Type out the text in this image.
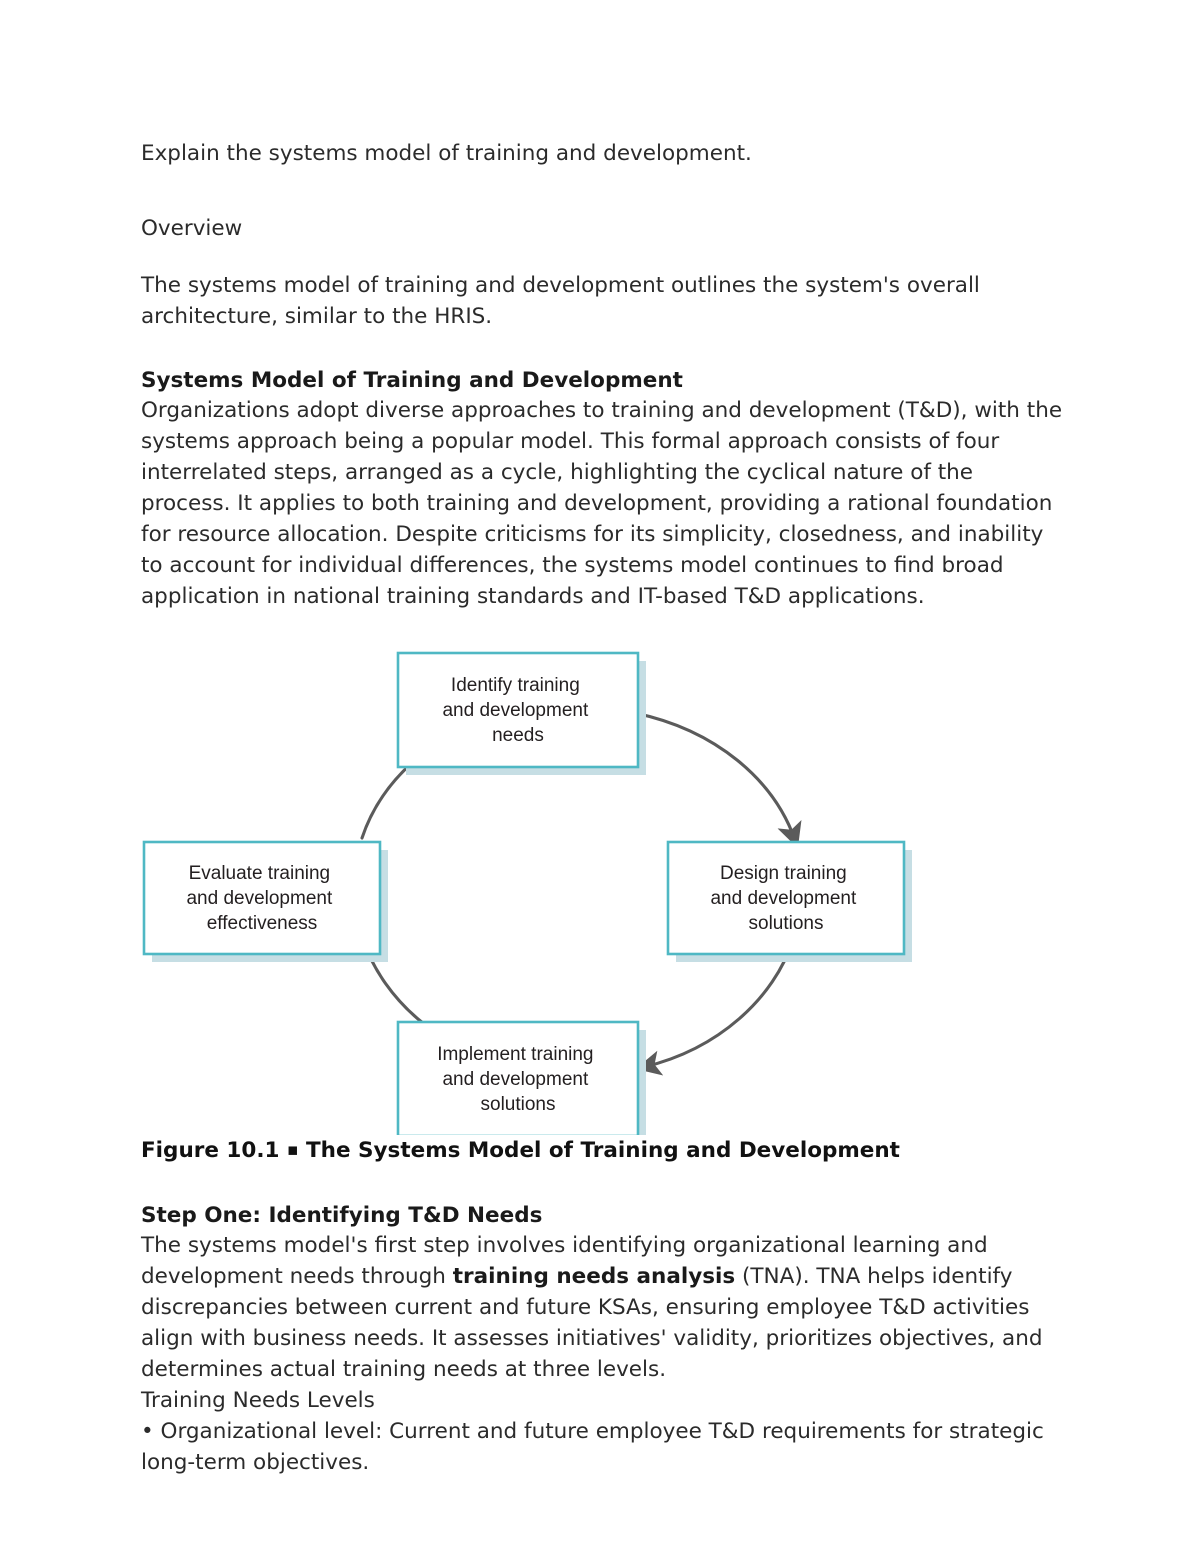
Explain the systems model of training and development.
Overview

The systems model of training and development outlines the system's overall architecture, similar to the HRIS.

Systems Model of Training and Development

Organizations adopt diverse approaches to training and development (T&D), with the systems approach being a popular model. This formal approach consists of four interrelated steps, arranged as a cycle, highlighting the cyclical nature of the process. It applies to both training and development, providing a rational foundation for resource allocation. Despite criticisms for its simplicity, closedness, and inability to account for individual differences, the systems model continues to find broad application in national training standards and IT-based T&D applications.

Identify training and development needs
Design training and development solutions
Implement training and development solutions
Evaluate training and development effectiveness
Figure 10.1 ▪ The Systems Model of Training and Development
Step One: Identifying T&D Needs

The systems model's first step involves identifying organizational learning and development needs through training needs analysis (TNA). TNA helps identify discrepancies between current and future KSAs, ensuring employee T&D activities align with business needs. It assesses initiatives' validity, prioritizes objectives, and determines actual training needs at three levels.

Training Needs Levels

• Organizational level: Current and future employee T&D requirements for strategic long-term objectives.
